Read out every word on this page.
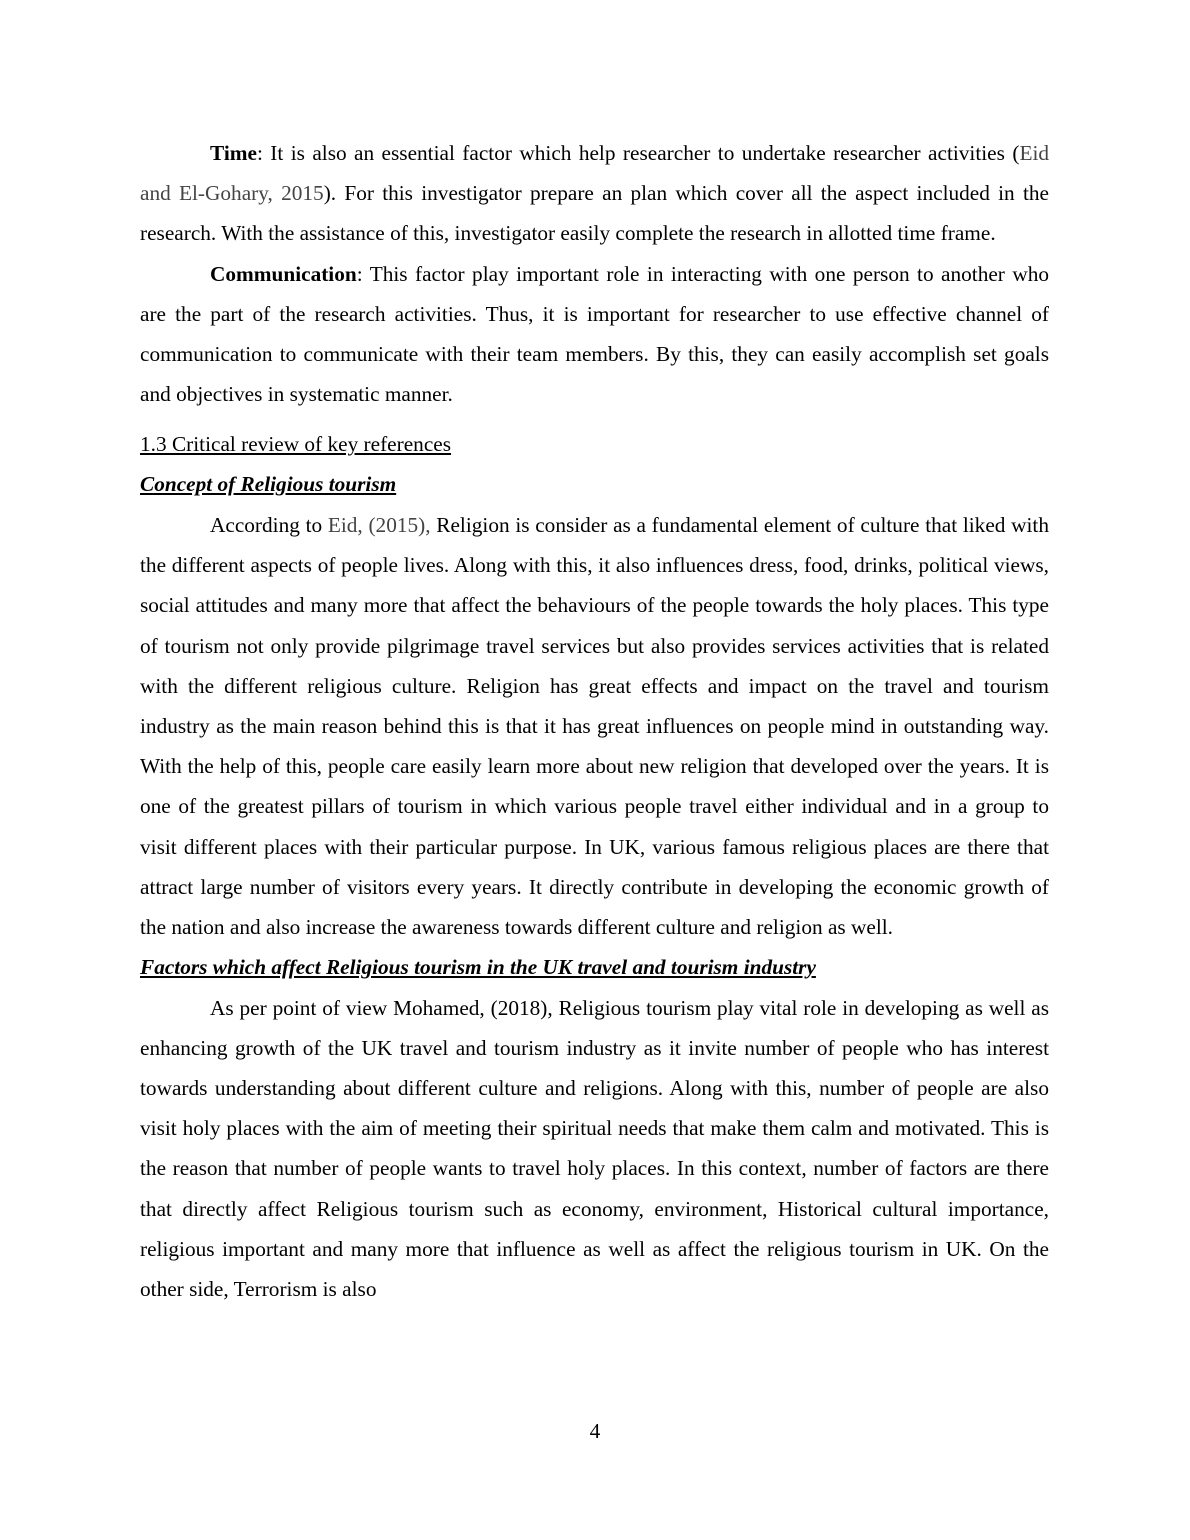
Time: It is also an essential factor which help researcher to undertake researcher activities (Eid and El-Gohary, 2015). For this investigator prepare an plan which cover all the aspect included in the research. With the assistance of this, investigator easily complete the research in allotted time frame.

Communication: This factor play important role in interacting with one person to another who are the part of the research activities. Thus, it is important for researcher to use effective channel of communication to communicate with their team members. By this, they can easily accomplish set goals and objectives in systematic manner.

1.3 Critical review of key references
Concept of Religious tourism

According to Eid, (2015), Religion is consider as a fundamental element of culture that liked with the different aspects of people lives. Along with this, it also influences dress, food, drinks, political views, social attitudes and many more that affect the behaviours of the people towards the holy places. This type of tourism not only provide pilgrimage travel services but also provides services activities that is related with the different religious culture. Religion has great effects and impact on the travel and tourism industry as the main reason behind this is that it has great influences on people mind in outstanding way. With the help of this, people care easily learn more about new religion that developed over the years. It is one of the greatest pillars of tourism in which various people travel either individual and in a group to visit different places with their particular purpose. In UK, various famous religious places are there that attract large number of visitors every years. It directly contribute in developing the economic growth of the nation and also increase the awareness towards different culture and religion as well.

Factors which affect Religious tourism in the UK travel and tourism industry

As per point of view Mohamed, (2018), Religious tourism play vital role in developing as well as enhancing growth of the UK travel and tourism industry as it invite number of people who has interest towards understanding about different culture and religions. Along with this, number of people are also visit holy places with the aim of meeting their spiritual needs that make them calm and motivated. This is the reason that number of people wants to travel holy places. In this context, number of factors are there that directly affect Religious tourism such as economy, environment, Historical cultural importance, religious important and many more that influence as well as affect the religious tourism in UK. On the other side, Terrorism is also

4
